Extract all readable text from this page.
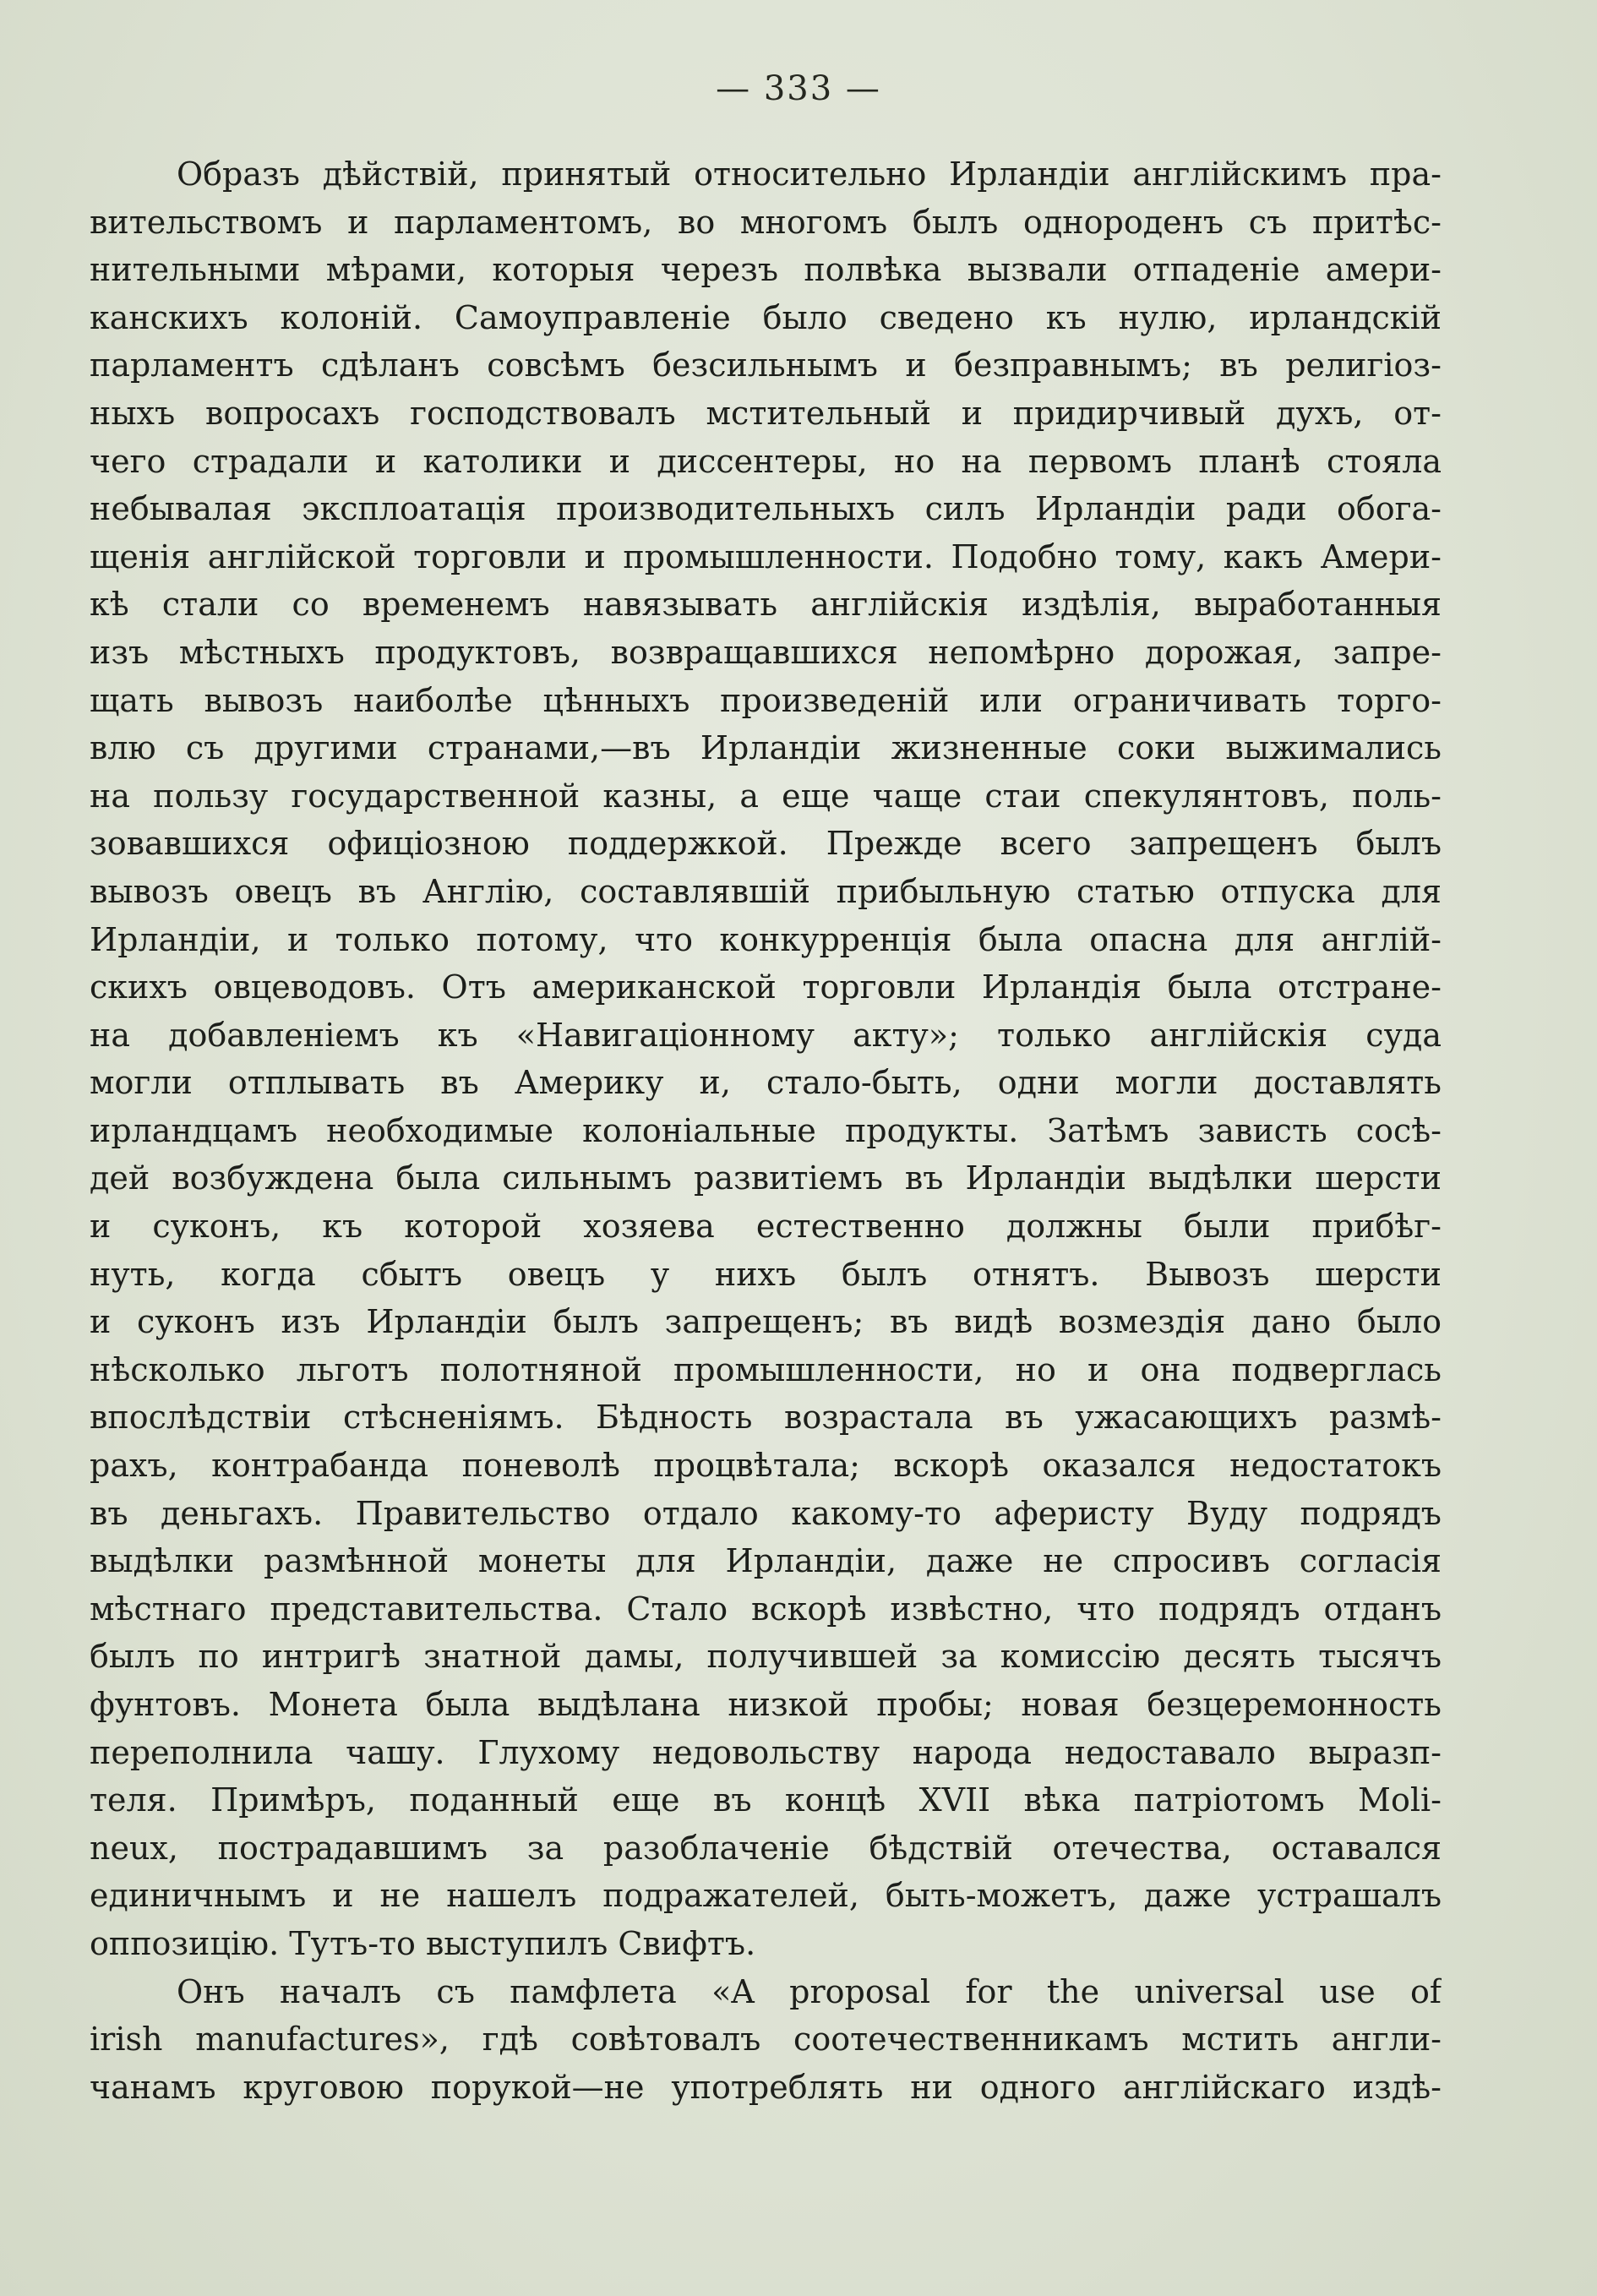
— 333 —
Образъ дѣйствій, принятый относительно Ирландіи англійскимъ пра-
вительствомъ и парламентомъ, во многомъ былъ однороденъ съ притѣс-
нительными мѣрами, которыя черезъ полвѣка вызвали отпаденіе амери-
канскихъ колоній. Самоуправленіе было сведено къ нулю, ирландскій
парламентъ сдѣланъ совсѣмъ безсильнымъ и безправнымъ; въ религіоз-
ныхъ вопросахъ господствовалъ мстительный и придирчивый духъ, от-
чего страдали и католики и диссентеры, но на первомъ планѣ стояла
небывалая эксплоатація производительныхъ силъ Ирландіи ради обога-
щенія англійской торговли и промышленности. Подобно тому, какъ Амери-
кѣ стали со временемъ навязывать англійскія издѣлія, выработанныя
изъ мѣстныхъ продуктовъ, возвращавшихся непомѣрно дорожая, запре-
щать вывозъ наиболѣе цѣнныхъ произведеній или ограничивать торго-
влю съ другими странами,—въ Ирландіи жизненные соки выжимались
на пользу государственной казны, а еще чаще стаи спекулянтовъ, поль-
зовавшихся офиціозною поддержкой. Прежде всего запрещенъ былъ
вывозъ овецъ въ Англію, составлявшій прибыльную статью отпуска для
Ирландіи, и только потому, что конкурренція была опасна для англій-
скихъ овцеводовъ. Отъ американской торговли Ирландія была отстране-
на добавленіемъ къ «Навигаціонному акту»; только англійскія суда
могли отплывать въ Америку и, стало-быть, одни могли доставлять
ирландцамъ необходимые колоніальные продукты. Затѣмъ зависть сосѣ-
дей возбуждена была сильнымъ развитіемъ въ Ирландіи выдѣлки шерсти
и суконъ, къ которой хозяева естественно должны были прибѣг-
нуть, когда сбытъ овецъ у нихъ былъ отнятъ. Вывозъ шерсти
и суконъ изъ Ирландіи былъ запрещенъ; въ видѣ возмездія дано было
нѣсколько льготъ полотняной промышленности, но и она подверглась
впослѣдствіи стѣсненіямъ. Бѣдность возрастала въ ужасающихъ размѣ-
рахъ, контрабанда поневолѣ процвѣтала; вскорѣ оказался недостатокъ
въ деньгахъ. Правительство отдало какому-то аферисту Вуду подрядъ
выдѣлки размѣнной монеты для Ирландіи, даже не спросивъ согласія
мѣстнаго представительства. Стало вскорѣ извѣстно, что подрядъ отданъ
былъ по интригѣ знатной дамы, получившей за комиссію десять тысячъ
фунтовъ. Монета была выдѣлана низкой пробы; новая безцеремонность
переполнила чашу. Глухому недовольству народа недоставало выразп-
теля. Примѣръ, поданный еще въ концѣ XVII вѣка патріотомъ Moli-
neux, пострадавшимъ за разоблаченіе бѣдствій отечества, оставался
единичнымъ и не нашелъ подражателей, быть-можетъ, даже устрашалъ
оппозицію. Тутъ-то выступилъ Свифтъ.
Онъ началъ съ памфлета «A proposal for the universal use of
irish manufactures», гдѣ совѣтовалъ соотечественникамъ мстить англи-
чанамъ круговою порукой—не употреблять ни одного англійскаго издѣ-
